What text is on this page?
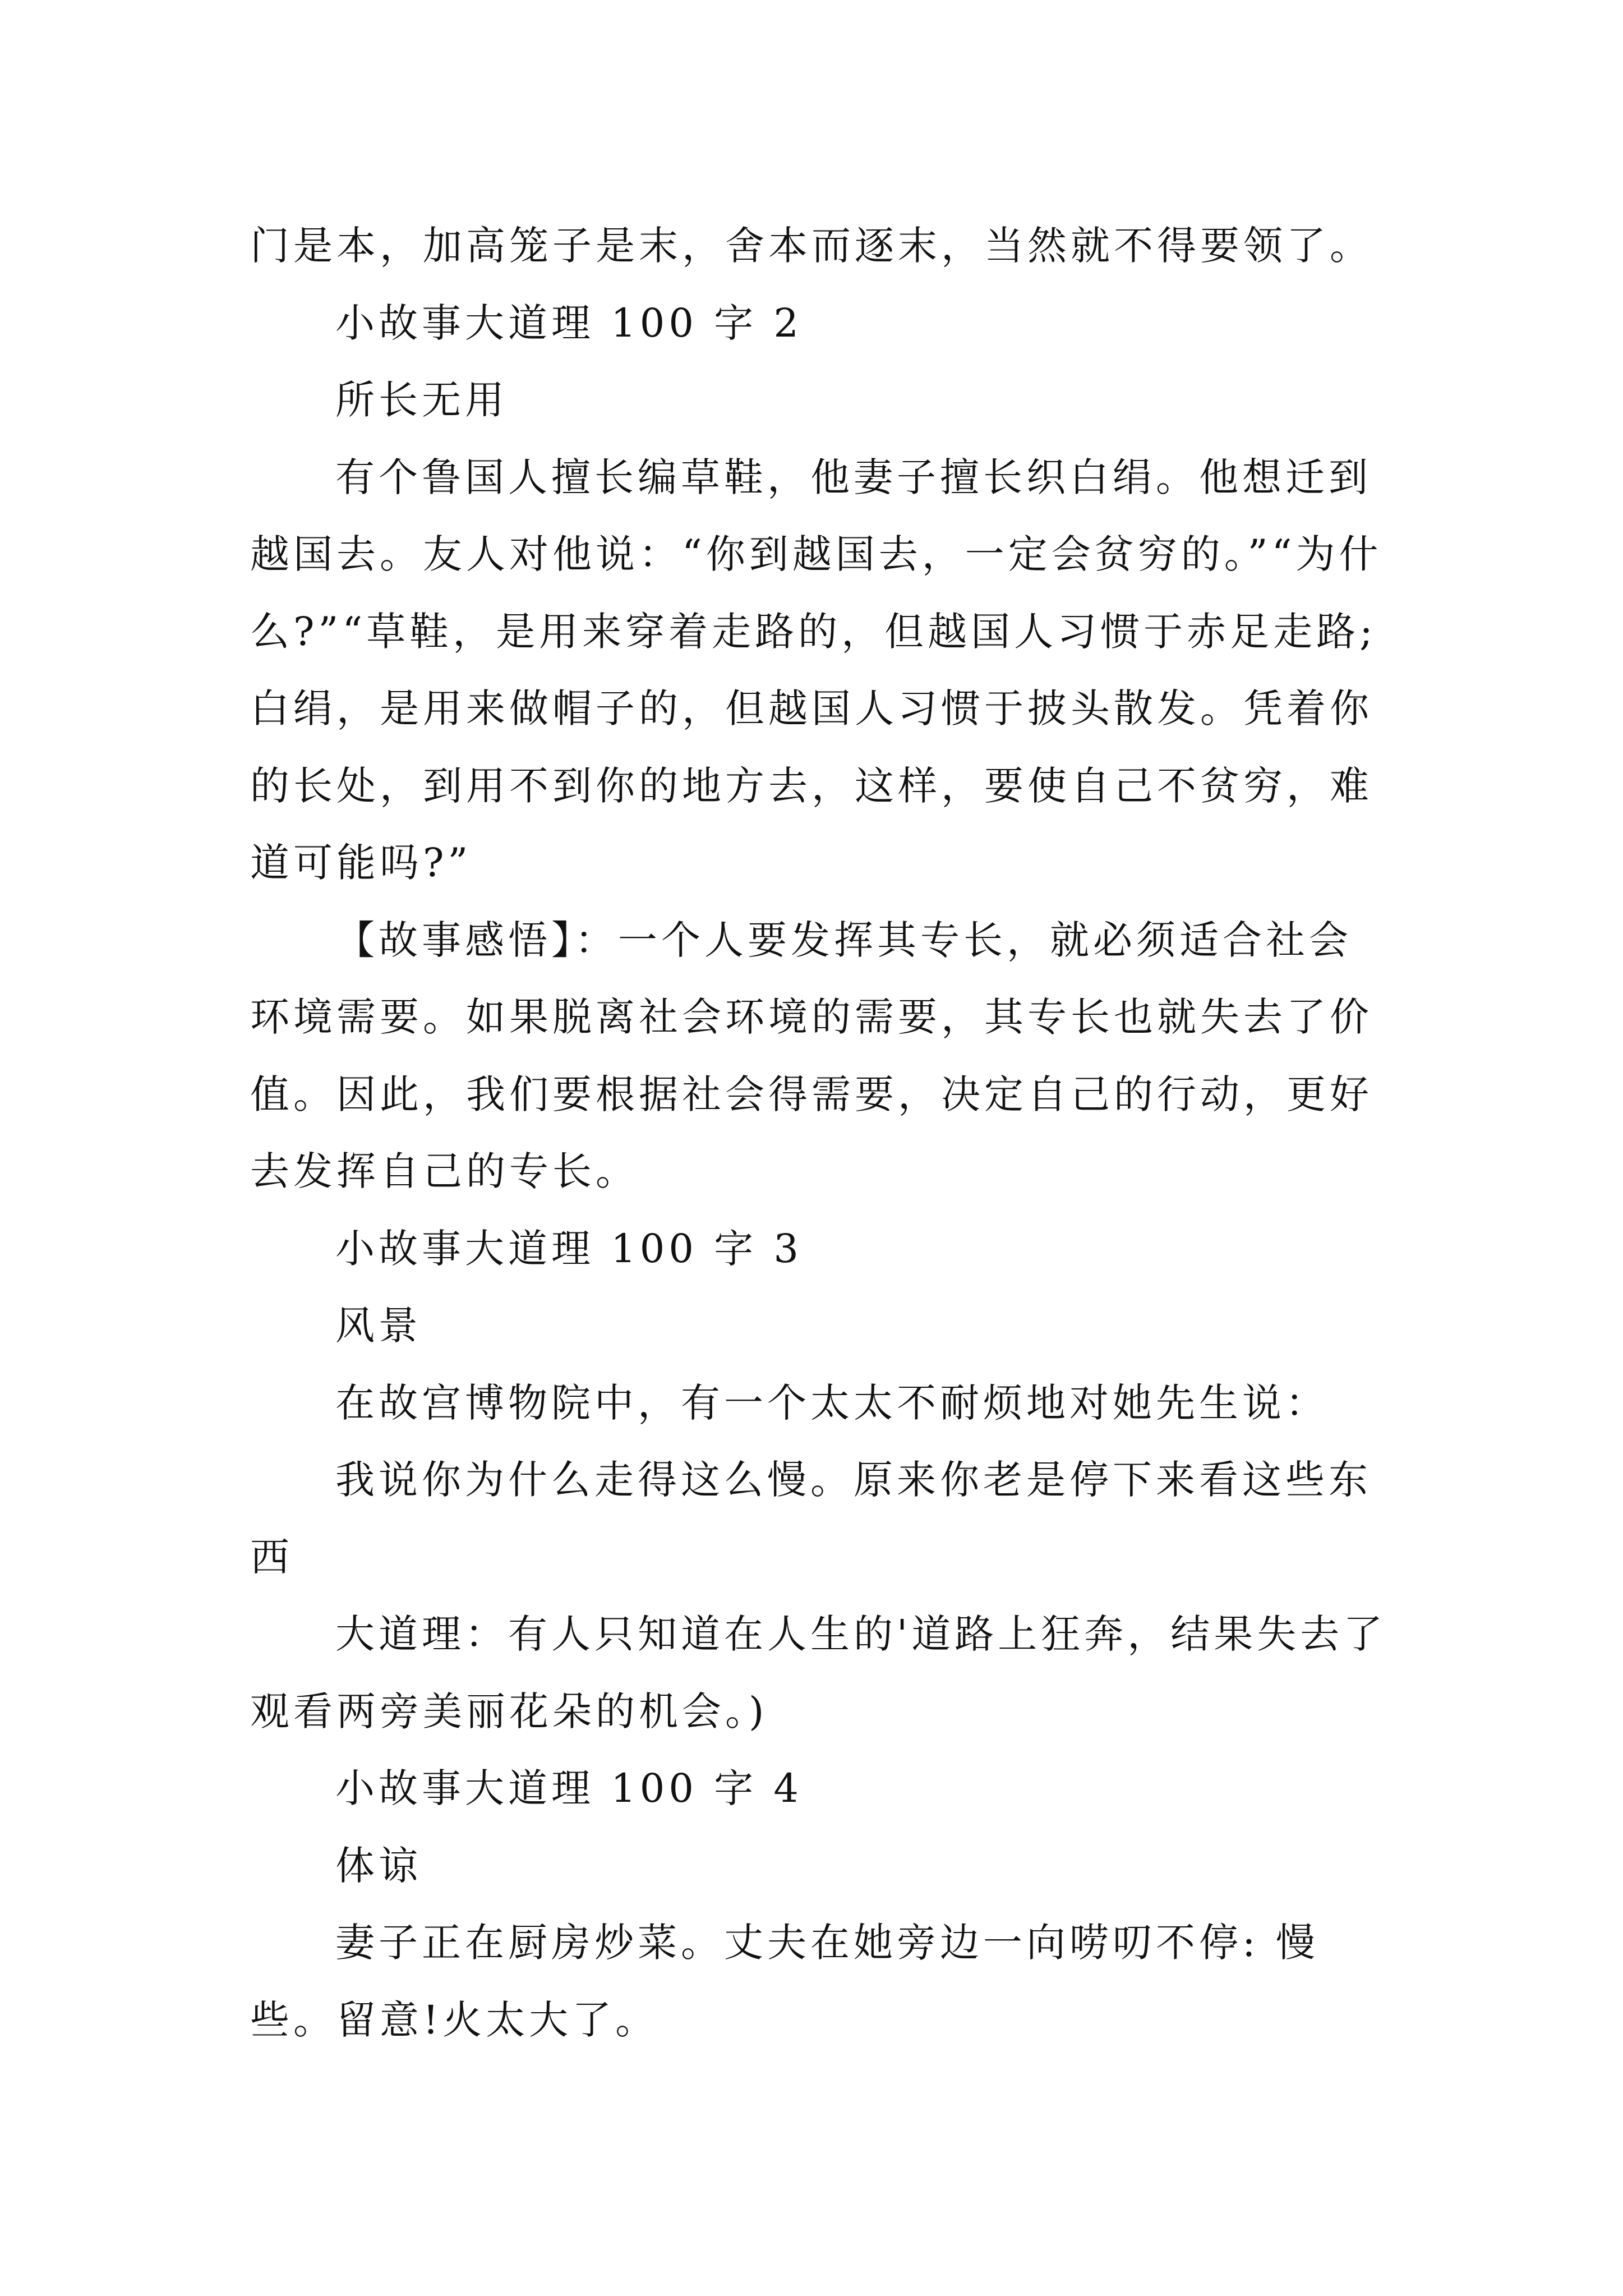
门是本，加高笼子是末，舍本而逐末，当然就不得要领了。

小故事大道理 100 字 2

所长无用

有个鲁国人擅长编草鞋，他妻子擅长织白绢。他想迁到越国去。友人对他说：“你到越国去，一定会贫穷的。”“为什么?”“草鞋，是用来穿着走路的，但越国人习惯于赤足走路;白绢，是用来做帽子的，但越国人习惯于披头散发。凭着你的长处，到用不到你的地方去，这样，要使自己不贫穷，难道可能吗?”

【故事感悟】：一个人要发挥其专长，就必须适合社会环境需要。如果脱离社会环境的需要，其专长也就失去了价值。因此，我们要根据社会得需要，决定自己的行动，更好去发挥自己的专长。

小故事大道理 100 字 3

风景

在故宫博物院中，有一个太太不耐烦地对她先生说：

我说你为什么走得这么慢。原来你老是停下来看这些东西

大道理：有人只知道在人生的'道路上狂奔，结果失去了观看两旁美丽花朵的机会。)

小故事大道理 100 字 4

体谅

妻子正在厨房炒菜。丈夫在她旁边一向唠叨不停: 慢些。留意!火太大了。
